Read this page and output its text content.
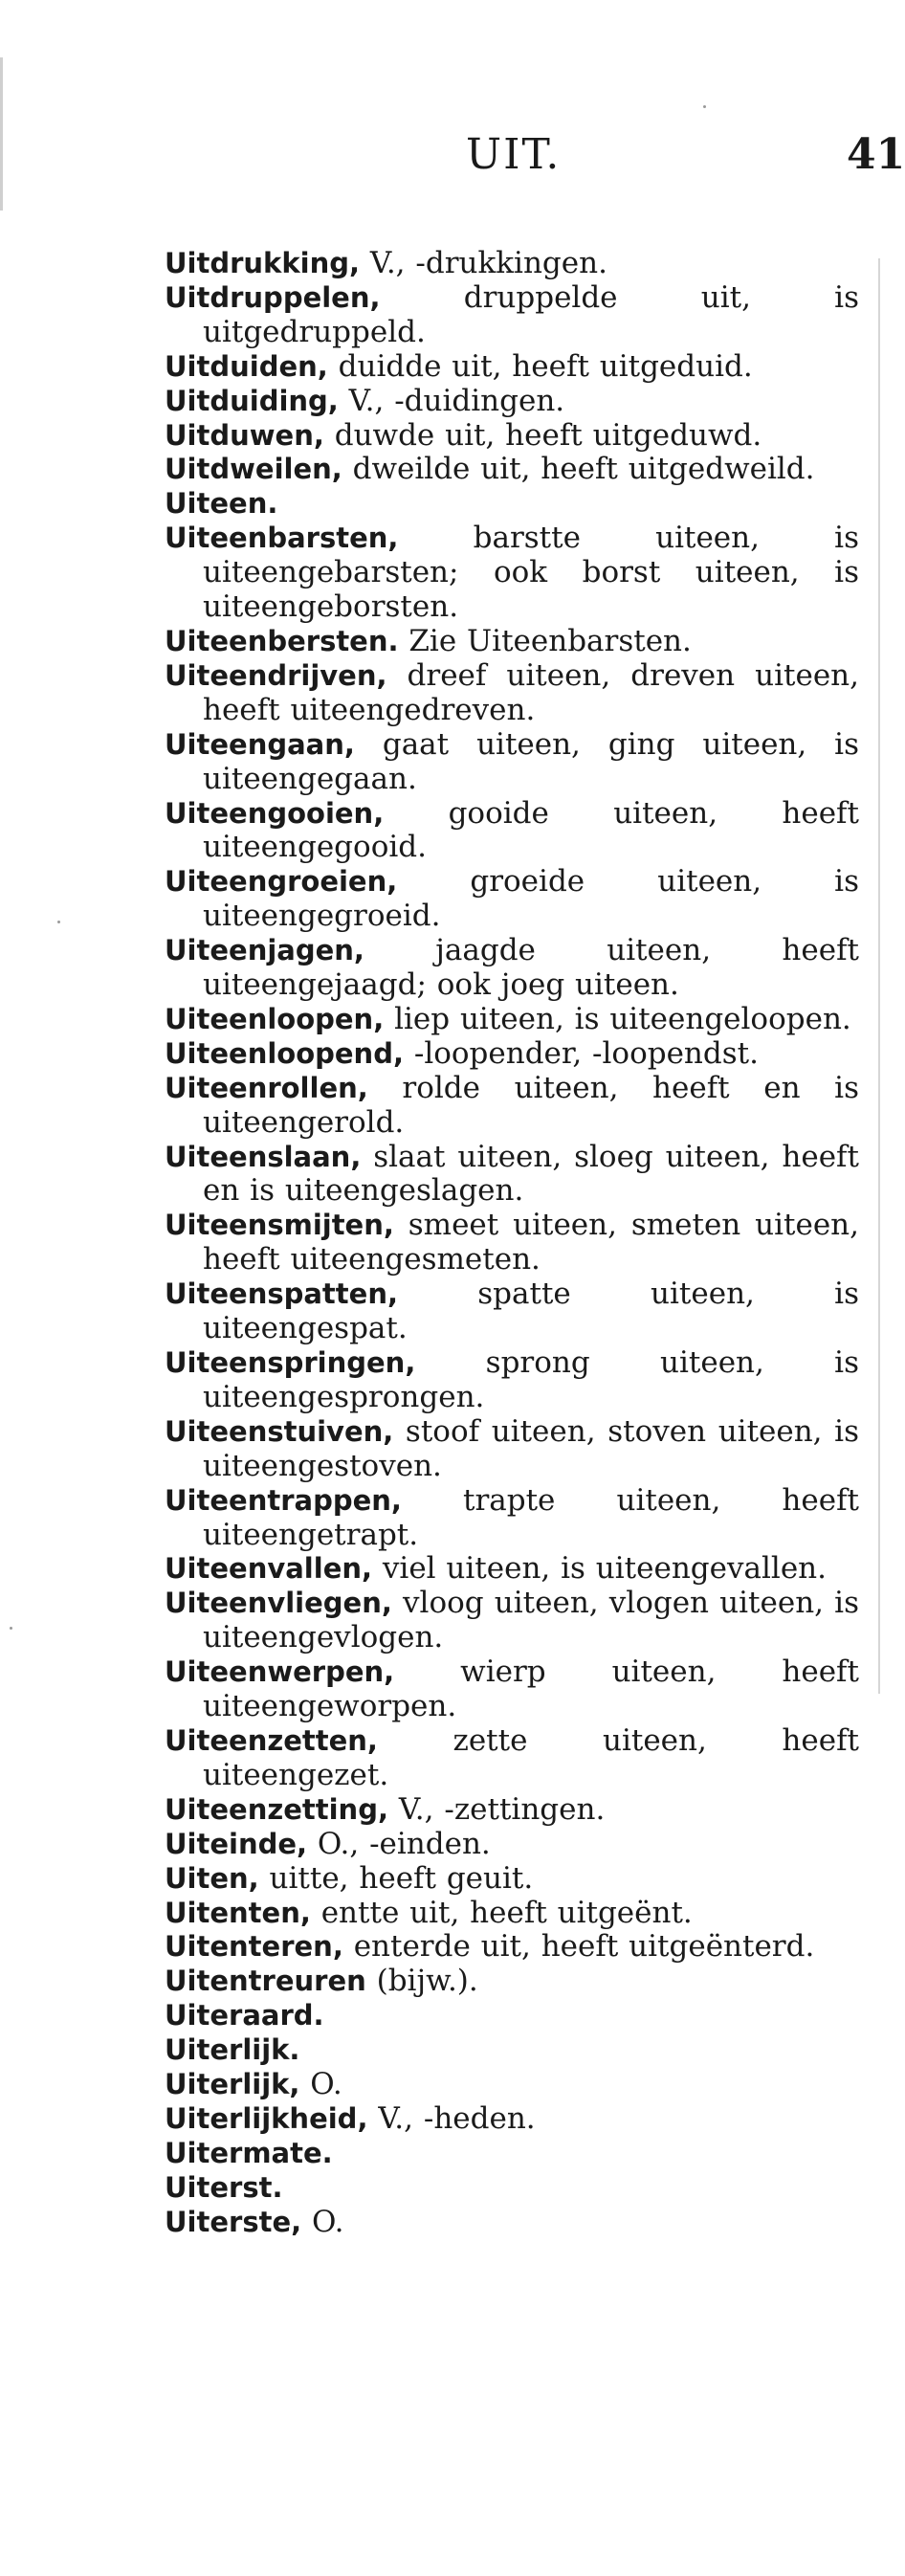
UIT.	41
Uitdrukking, V., -drukkingen.
Uitdruppelen, druppelde uit, is uitgedruppeld.
Uitduiden, duidde uit, heeft uitgeduid.
Uitduiding, V., -duidingen.
Uitduwen, duwde uit, heeft uitgeduwd.
Uitdweilen, dweilde uit, heeft uitgedweild.
Uiteen.
Uiteenbarsten, barstte uiteen, is uiteengebarsten; ook borst uiteen, is uiteengeborsten.
Uiteenbersten. Zie Uiteenbarsten.
Uiteendrijven, dreef uiteen, dreven uiteen, heeft uiteengedreven.
Uiteengaan, gaat uiteen, ging uiteen, is uiteengegaan.
Uiteengooien, gooide uiteen, heeft uiteengegooid.
Uiteengroeien, groeide uiteen, is uiteengegroeid.
Uiteenjagen, jaagde uiteen, heeft uiteengejaagd; ook joeg uiteen.
Uiteenloopen, liep uiteen, is uiteengeloopen.
Uiteenloopend, -loopender, -loopendst.
Uiteenrollen, rolde uiteen, heeft en is uiteengerold.
Uiteenslaan, slaat uiteen, sloeg uiteen, heeft en is uiteengeslagen.
Uiteensmijten, smeet uiteen, smeten uiteen, heeft uiteengesmeten.
Uiteenspatten, spatte uiteen, is uiteengespat.
Uiteenspringen, sprong uiteen, is uiteengesprongen.
Uiteenstuiven, stoof uiteen, stoven uiteen, is uiteengestoven.
Uiteentrappen, trapte uiteen, heeft uiteengetrapt.
Uiteenvallen, viel uiteen, is uiteengevallen.
Uiteenvliegen, vloog uiteen, vlogen uiteen, is uiteengevlogen.
Uiteenwerpen, wierp uiteen, heeft uiteengeworpen.
Uiteenzetten, zette uiteen, heeft uiteengezet.
Uiteenzetting, V., -zettingen.
Uiteinde, O., -einden.
Uiten, uitte, heeft geuit.
Uitenten, entte uit, heeft uitgeënt.
Uitenteren, enterde uit, heeft uitgeënterd.
Uitentreuren (bijw.).
Uiteraard.
Uiterlijk.
Uiterlijk, O.
Uiterlijkheid, V., -heden.
Uitermate.
Uiterst.
Uiterste, O.
